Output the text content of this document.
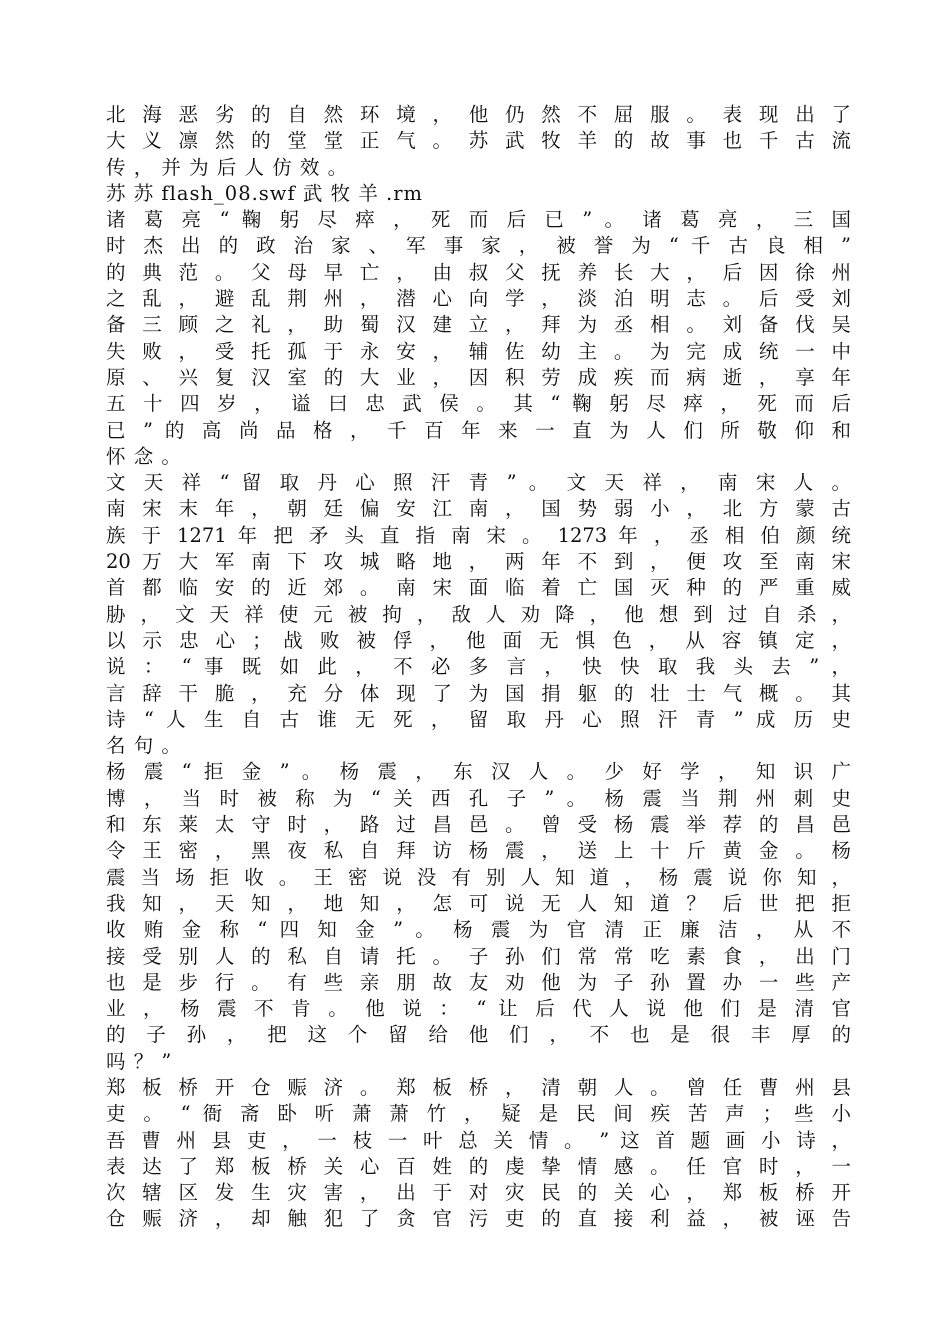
北 海 恶 劣 的 自 然 环 境 ， 他 仍 然 不 屈 服 。 表 现 出 了
大 义 凛 然 的 堂 堂 正 气 。 苏 武 牧 羊 的 故 事 也 千 古 流
传 ， 并 为 后 人 仿 效 。
苏 苏 flash_08.swf 武 牧 羊 .rm
诸 葛 亮 “ 鞠 躬 尽 瘁 ， 死 而 后 已 ” 。 诸 葛 亮 ， 三 国
时 杰 出 的 政 治 家 、 军 事 家 ， 被 誉 为 “ 千 古 良 相 ”
的 典 范 。 父 母 早 亡 ， 由 叔 父 抚 养 长 大 ， 后 因 徐 州
之 乱 ， 避 乱 荆 州 ， 潜 心 向 学 ， 淡 泊 明 志 。 后 受 刘
备 三 顾 之 礼 ， 助 蜀 汉 建 立 ， 拜 为 丞 相 。 刘 备 伐 吴
失 败 ， 受 托 孤 于 永 安 ， 辅 佐 幼 主 。 为 完 成 统 一 中
原 、 兴 复 汉 室 的 大 业 ， 因 积 劳 成 疾 而 病 逝 ， 享 年
五 十 四 岁 ， 谥 曰 忠 武 侯 。 其 “ 鞠 躬 尽 瘁 ， 死 而 后
已 ” 的 高 尚 品 格 ， 千 百 年 来 一 直 为 人 们 所 敬 仰 和
怀 念 。
文 天 祥 “ 留 取 丹 心 照 汗 青 ” 。 文 天 祥 ， 南 宋 人 。
南 宋 末 年 ， 朝 廷 偏 安 江 南 ， 国 势 弱 小 ， 北 方 蒙 古
族 于 1271 年 把 矛 头 直 指 南 宋 。 1273 年 ， 丞 相 伯 颜 统
20 万 大 军 南 下 攻 城 略 地 ， 两 年 不 到 ， 便 攻 至 南 宋
首 都 临 安 的 近 郊 。 南 宋 面 临 着 亡 国 灭 种 的 严 重 威
胁 ， 文 天 祥 使 元 被 拘 ， 敌 人 劝 降 ， 他 想 到 过 自 杀 ，
以 示 忠 心 ； 战 败 被 俘 ， 他 面 无 惧 色 ， 从 容 镇 定 ，
说 ： “ 事 既 如 此 ， 不 必 多 言 ， 快 快 取 我 头 去 ” ，
言 辞 干 脆 ， 充 分 体 现 了 为 国 捐 躯 的 壮 士 气 概 。 其
诗 “ 人 生 自 古 谁 无 死 ， 留 取 丹 心 照 汗 青 ” 成 历 史
名 句 。
杨 震 “ 拒 金 ” 。 杨 震 ， 东 汉 人 。 少 好 学 ， 知 识 广
博 ， 当 时 被 称 为 “ 关 西 孔 子 ” 。 杨 震 当 荆 州 刺 史
和 东 莱 太 守 时 ， 路 过 昌 邑 。 曾 受 杨 震 举 荐 的 昌 邑
令 王 密 ， 黑 夜 私 自 拜 访 杨 震 ， 送 上 十 斤 黄 金 。 杨
震 当 场 拒 收 。 王 密 说 没 有 别 人 知 道 ， 杨 震 说 你 知 ，
我 知 ， 天 知 ， 地 知 ， 怎 可 说 无 人 知 道 ？ 后 世 把 拒
收 贿 金 称 “ 四 知 金 ” 。 杨 震 为 官 清 正 廉 洁 ， 从 不
接 受 别 人 的 私 自 请 托 。 子 孙 们 常 常 吃 素 食 ， 出 门
也 是 步 行 。 有 些 亲 朋 故 友 劝 他 为 子 孙 置 办 一 些 产
业 ， 杨 震 不 肯 。 他 说 ： “ 让 后 代 人 说 他 们 是 清 官
的 子 孙 ， 把 这 个 留 给 他 们 ， 不 也 是 很 丰 厚 的
吗 ？ ”
郑 板 桥 开 仓 赈 济 。 郑 板 桥 ， 清 朝 人 。 曾 任 曹 州 县
吏 。 “ 衙 斋 卧 听 萧 萧 竹 ， 疑 是 民 间 疾 苦 声 ； 些 小
吾 曹 州 县 吏 ， 一 枝 一 叶 总 关 情 。 ” 这 首 题 画 小 诗 ，
表 达 了 郑 板 桥 关 心 百 姓 的 虔 挚 情 感 。 任 官 时 ， 一
次 辖 区 发 生 灾 害 ， 出 于 对 灾 民 的 关 心 ， 郑 板 桥 开
仓 赈 济 ， 却 触 犯 了 贪 官 污 吏 的 直 接 利 益 ， 被 诬 告
